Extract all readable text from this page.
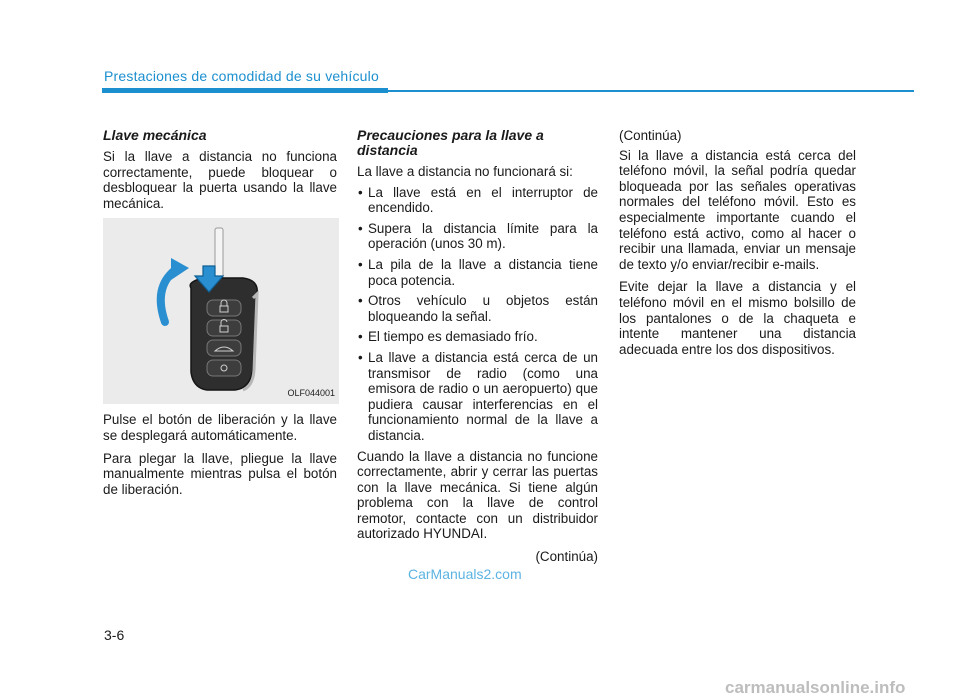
Prestaciones de comodidad de su vehículo
Llave mecánica

Si la llave a distancia no funciona correctamente, puede bloquear o desbloquear la puerta usando la llave mecánica.

OLF044001

Pulse el botón de liberación y la llave se desplegará automáticamente.

Para plegar la llave, pliegue la llave manualmente mientras pulsa el botón de liberación.

Precauciones para la llave a distancia

La llave a distancia no funcionará si:

• La llave está en el interruptor de encendido.
• Supera la distancia límite para la operación (unos 30 m).
• La pila de la llave a distancia tiene poca potencia.
• Otros vehículo u objetos están bloqueando la señal.
• El tiempo es demasiado frío.
• La llave a distancia está cerca de un transmisor de radio (como una emisora de radio o un aeropuerto) que pudiera causar interferencias en el funcionamiento normal de la llave a distancia.

Cuando la llave a distancia no funcione correctamente, abrir y cerrar las puertas con la llave mecánica. Si tiene algún problema con la llave de control remotor, contacte con un distribuidor autorizado HYUNDAI.

(Continúa)

(Continúa)

Si la llave a distancia está cerca del teléfono móvil, la señal podría quedar bloqueada por las señales operativas normales del teléfono móvil. Esto es especialmente importante cuando el teléfono está activo, como al hacer o recibir una llamada, enviar un mensaje de texto y/o enviar/recibir e-mails.

Evite dejar la llave a distancia y el teléfono móvil en el mismo bolsillo de los pantalones o de la chaqueta e intente mantener una distancia adecuada entre los dos dispositivos.

CarManuals2.com
3-6
carmanualsonline.info
